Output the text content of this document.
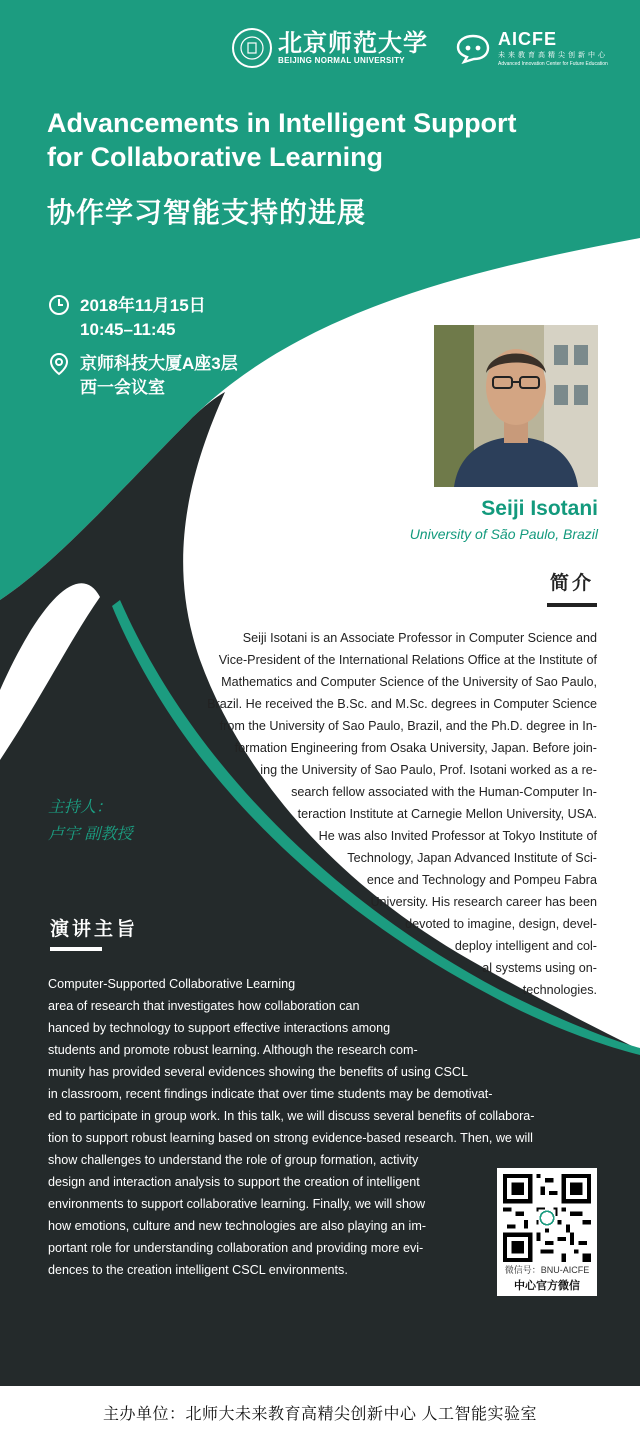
北京师范大学
BEIJING NORMAL UNIVERSITY
AICFE
未来教育高精尖创新中心
Advanced Innovation Center for Future Education
Advancements in Intelligent Support
for Collaborative Learning
协作学习智能支持的进展
2018年11月15日
10:45–11:45
京师科技大厦A座3层
西一会议室
Seiji Isotani
University of São Paulo, Brazil
简介
Seiji Isotani is an Associate Professor in Computer Science and
Vice-President of the International Relations Office at the Institute of
Mathematics and Computer Science of the University of Sao Paulo,
Brazil. He received the B.Sc. and M.Sc. degrees in Computer Science
from the University of Sao Paulo, Brazil, and the Ph.D. degree in In-
formation Engineering from Osaka University, Japan. Before join-
ing the University of Sao Paulo, Prof. Isotani worked as a re-
search fellow associated with the Human-Computer In-
teraction Institute at Carnegie Mellon University, USA.
He was also Invited Professor at Tokyo Institute of
Technology, Japan Advanced Institute of Sci-
ence and Technology and Pompeu Fabra
University. His research career has been
devoted to imagine, design, devel-
deploy intelligent and col-
al systems using on-
technologies.
主持人：
卢宇 副教授
演讲主旨
Computer-Supported Collaborative Learning
area of research that investigates how collaboration can
hanced by technology to support effective interactions among
students and promote robust learning. Although the research com-
munity has provided several evidences showing the benefits of using CSCL
in classroom, recent findings indicate that over time students may be demotivat-
ed to participate in group work. In this talk, we will discuss several benefits of collabora-
tion to support robust learning based on strong evidence-based research. Then, we will
show challenges to understand the role of group formation, activity
design and interaction analysis to support the creation of intelligent
environments to support collaborative learning. Finally, we will show
how emotions, culture and new technologies are also playing an im-
portant role for understanding collaboration and providing more evi-
dences to the creation intelligent CSCL environments.	微信号：BNU-AICFE
中心官方微信
主办单位：北师大未来教育高精尖创新中心 人工智能实验室
